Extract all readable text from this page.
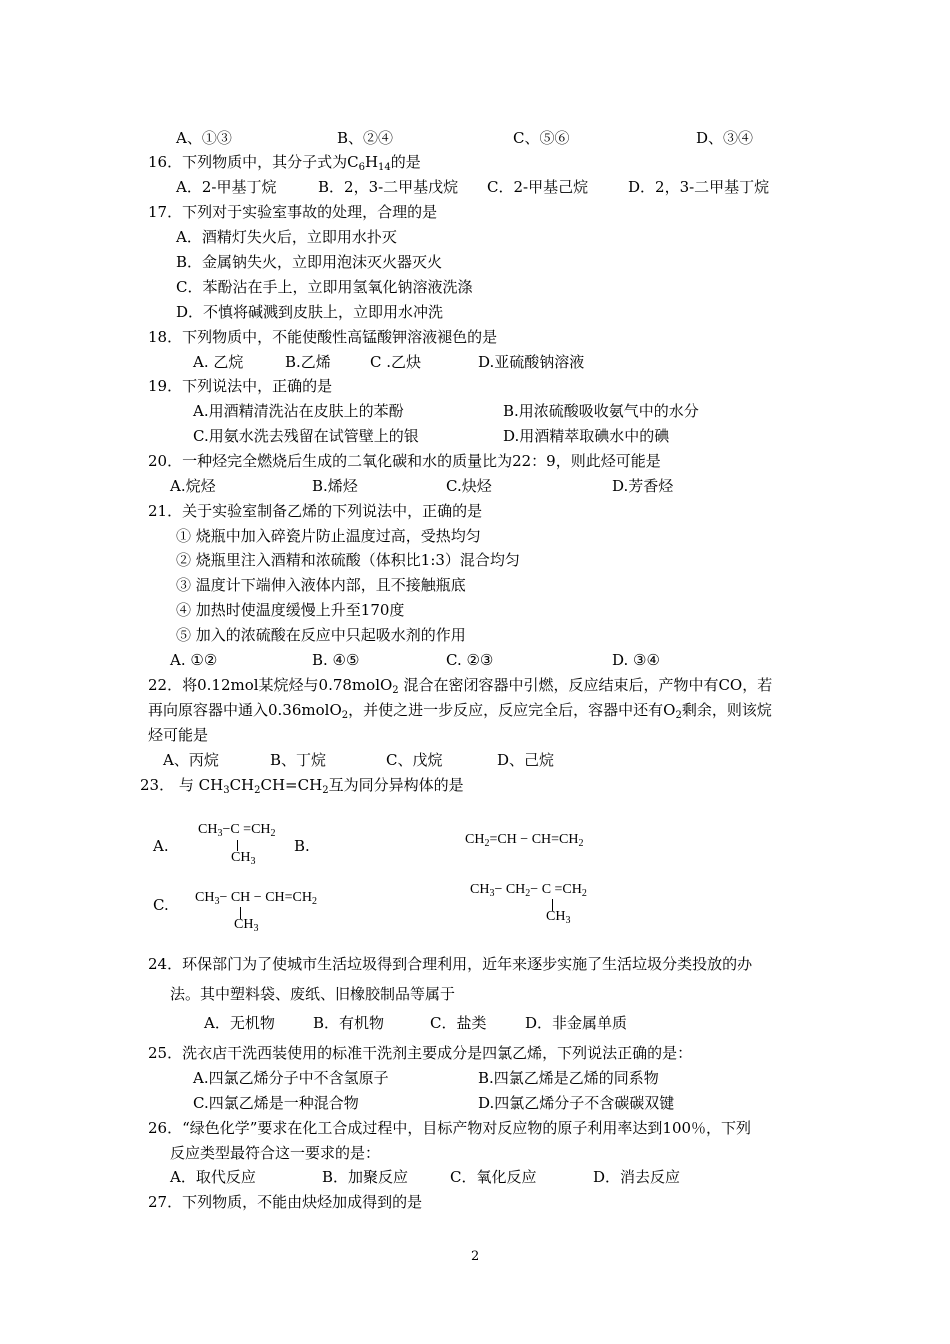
A、①③	B、②④	C、⑤⑥	D、③④
16．下列物质中，其分子式为$C_6H_{14}$的是
A．2-甲基丁烷	B．2，3-二甲基戊烷 C．2-甲基己烷	D．2，3-二甲基丁烷
17．下列对于实验室事故的处理，合理的是
A．酒精灯失火后，立即用水扑灭
B．金属钠失火，立即用泡沫灭火器灭火
C．苯酚沾在手上，立即用氢氧化钠溶液洗涤
D．不慎将碱溅到皮肤上，立即用水冲洗
18．下列物质中，不能使酸性高锰酸钾溶液褪色的是
A. 乙烷	B.乙烯	C .乙炔	D.亚硫酸钠溶液
19．下列说法中，正确的是
A.用酒精清洗沾在皮肤上的苯酚	B.用浓硫酸吸收氨气中的水分
C.用氨水洗去残留在试管壁上的银	D.用酒精萃取碘水中的碘
20．一种烃完全燃烧后生成的二氧化碳和水的质量比为22：9，则此烃可能是
A.烷烃	B.烯烃	C.炔烃	D.芳香烃
21．关于实验室制备乙烯的下列说法中，正确的是
① 烧瓶中加入碎瓷片防止温度过高，受热均匀
② 烧瓶里注入酒精和浓硫酸（体积比1:3）混合均匀
③ 温度计下端伸入液体内部，且不接触瓶底
④ 加热时使温度缓慢上升至170度
⑤ 加入的浓硫酸在反应中只起吸水剂的作用
A. ①②	B. ④⑤	C. ②③	D. ③④
22．将0.12mol某烷烃与0.78molO$_2$ 混合在密闭容器中引燃，反应结束后，产物中有CO，若
再向原容器中通入0.36molO$_2$，并使之进一步反应，反应完全后，容器中还有$O_2$剩余，则该烷
烃可能是
A、丙烷	B、丁烷	C、戊烷	D、己烷
23． 与 $CH_3CH_2CH=CH_2$互为同分异构体的是
A.
$CH_3-C =CH_2$
$CH_3$
B.	$CH_2=CH - CH=CH_2$
C. $CH_3-$ CH − $CH=CH_2$
$CH_3$
$CH_3- CH_2- C =CH_2$
$CH_3$
24．环保部门为了使城市生活垃圾得到合理利用，近年来逐步实施了生活垃圾分类投放的办
法。其中塑料袋、废纸、旧橡胶制品等属于
A．无机物	B．有机物	C．盐类	D．非金属单质
25．洗衣店干洗西装使用的标准干洗剂主要成分是四氯乙烯，下列说法正确的是：
A.四氯乙烯分子中不含氢原子	B.四氯乙烯是乙烯的同系物
C.四氯乙烯是一种混合物	D.四氯乙烯分子不含碳碳双键
26．“绿色化学”要求在化工合成过程中，目标产物对反应物的原子利用率达到100％，下列
反应类型最符合这一要求的是：
A．取代反应	B．加聚反应	C．氧化反应	D．消去反应
27．下列物质，不能由炔烃加成得到的是
2
